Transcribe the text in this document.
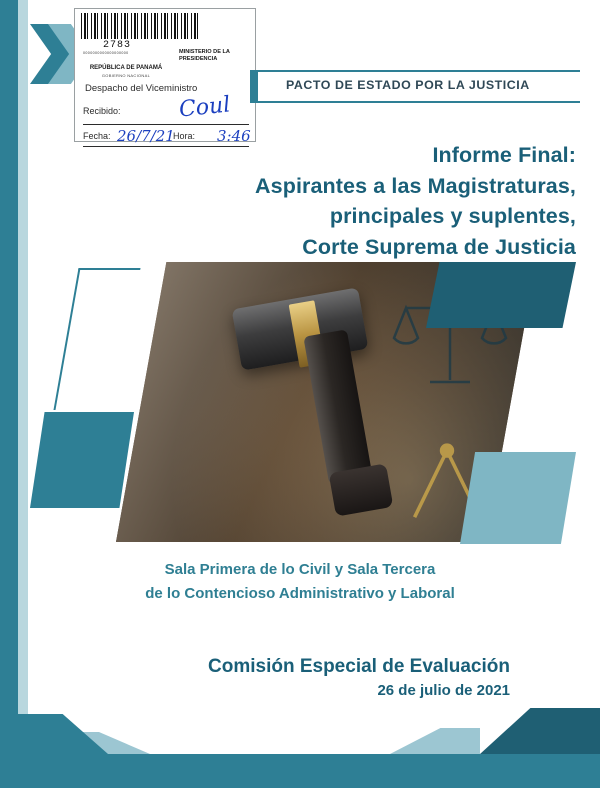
2783
0000000000000000000
REPÚBLICA DE PANAMÁ
GOBIERNO NACIONAL
MINISTERIO DE LA PRESIDENCIA
Despacho del Viceministro
Recibido:	Coul
Fecha: 26/7/21
Hora: 3:46
PACTO DE ESTADO POR LA JUSTICIA
Informe Final:
Aspirantes a las Magistraturas,
principales y suplentes,
Corte Suprema de Justicia
Sala Primera de lo Civil y Sala Tercera
de lo Contencioso Administrativo y Laboral
Comisión Especial de Evaluación
26 de julio de 2021
